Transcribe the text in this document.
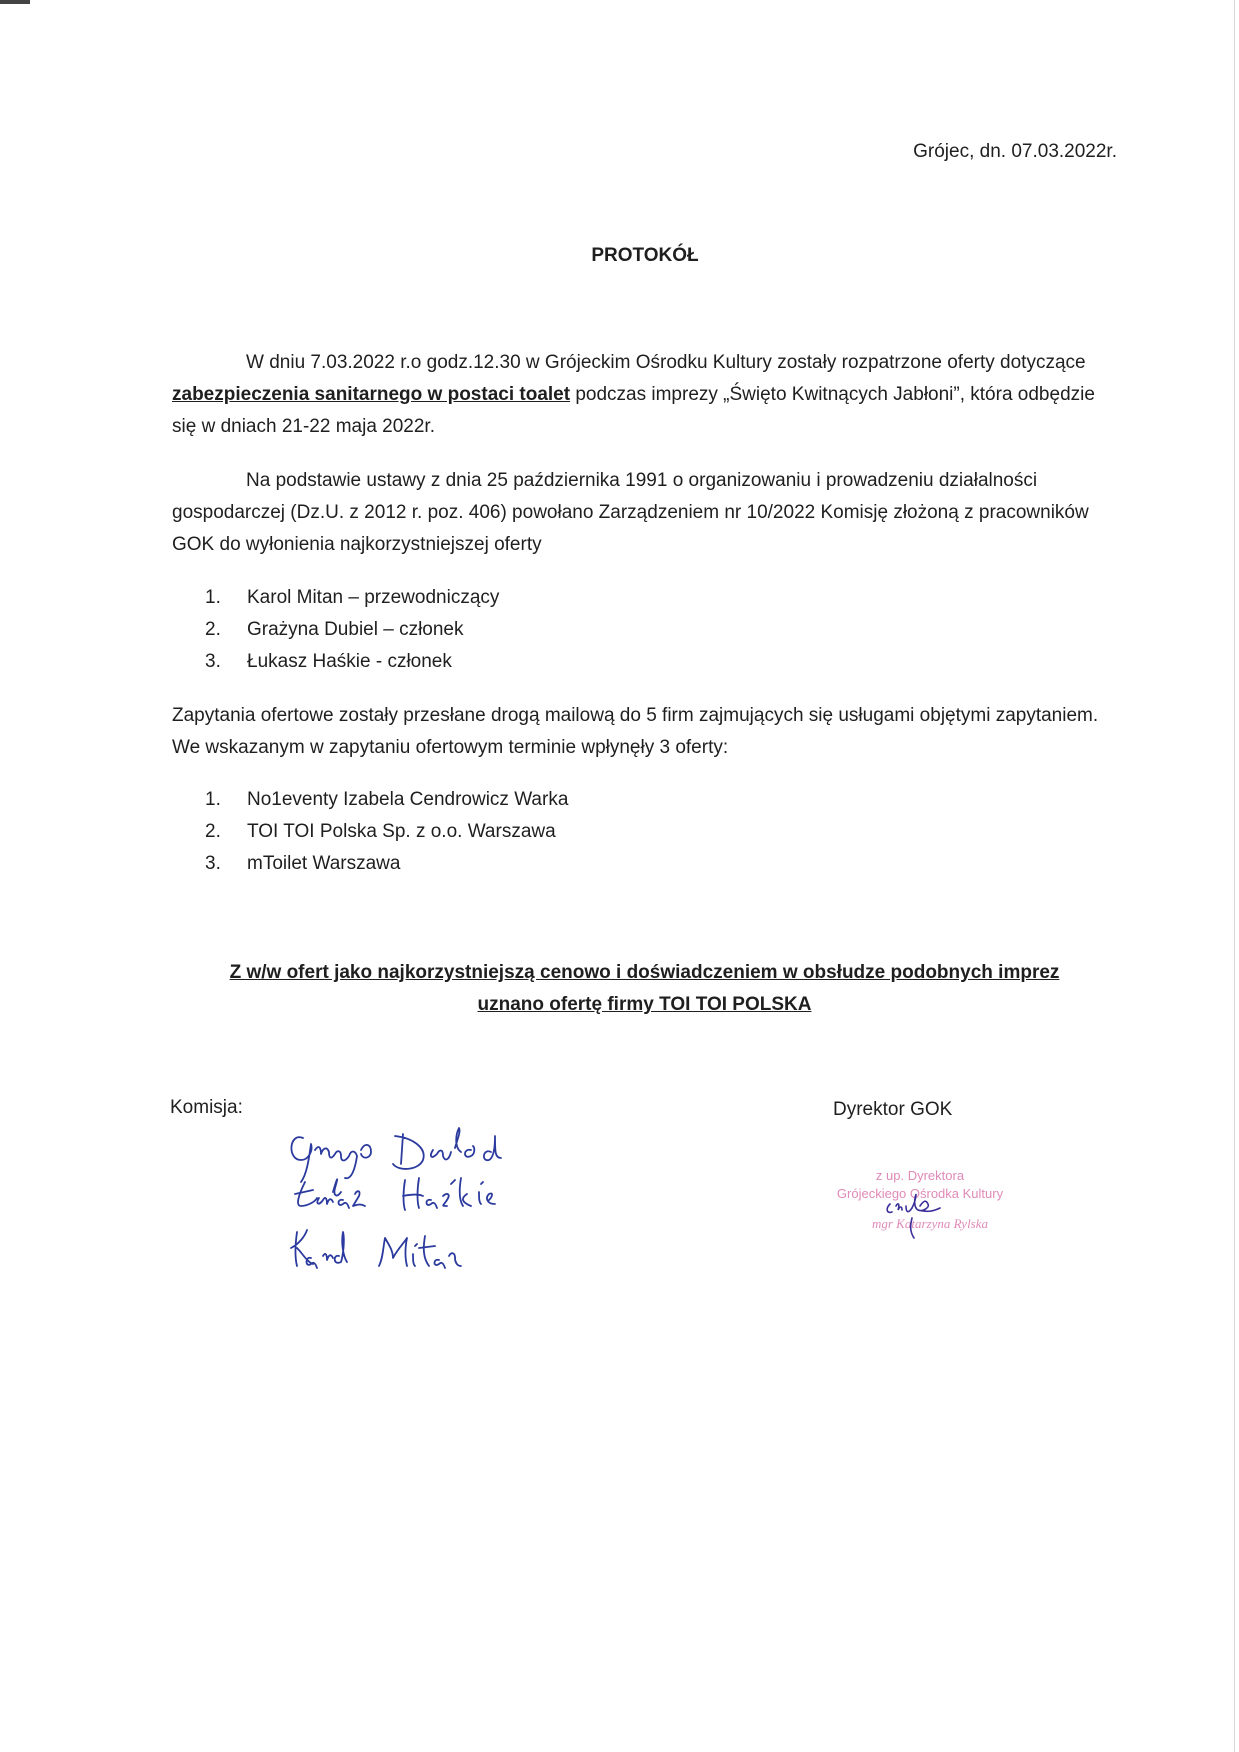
Grójec, dn. 07.03.2022r.
PROTOKÓŁ

W dniu 7.03.2022 r.o godz.12.30 w Grójeckim Ośrodku Kultury zostały rozpatrzone oferty dotyczące zabezpieczenia sanitarnego w postaci toalet podczas imprezy „Święto Kwitnących Jabłoni”, która odbędzie się w dniach 21-22 maja 2022r.

Na podstawie ustawy z dnia 25 października 1991 o organizowaniu i prowadzeniu działalności gospodarczej (Dz.U. z 2012 r. poz. 406) powołano Zarządzeniem nr 10/2022 Komisję złożoną z pracowników GOK do wyłonienia najkorzystniejszej oferty

1. Karol Mitan – przewodniczący
2. Grażyna Dubiel – członek
3. Łukasz Haśkie - członek

Zapytania ofertowe zostały przesłane drogą mailową do 5 firm zajmujących się usługami objętymi zapytaniem. We wskazanym w zapytaniu ofertowym terminie wpłynęły 3 oferty:

1. No1eventy Izabela Cendrowicz Warka
2. TOI TOI Polska Sp. z o.o. Warszawa
3. mToilet Warszawa
Z w/w ofert jako najkorzystniejszą cenowo i doświadczeniem w obsłudze podobnych imprez
uznano ofertę firmy TOI TOI POLSKA
Komisja:	Dyrektor GOK
z up. Dyrektora
Grójeckiego Ośrodka Kultury
mgr Katarzyna Rylska
